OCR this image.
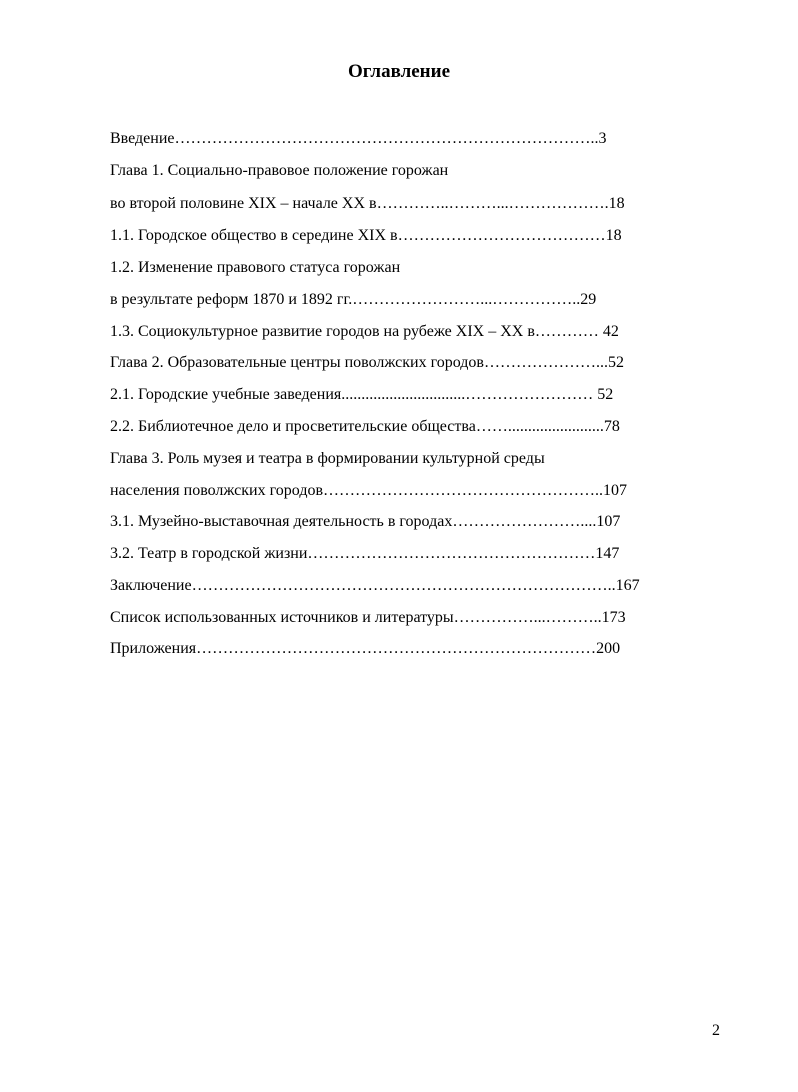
Оглавление
Введение……………………………………………………………………..3
Глава 1. Социально-правовое положение горожан
во второй половине XIX – начале XX в…………..………...……………….18
1.1. Городское общество в середине XIX в…………………………………18
1.2. Изменение правового статуса горожан
в результате реформ 1870 и 1892 гг.……………………...……………..29
1.3. Социокультурное развитие городов на рубеже XIX – XX в………… 42
Глава 2. Образовательные центры поволжских городов…………………...52
2.1. Городские учебные заведения...............................…………………… 52
2.2. Библиотечное дело и просветительские общества……........................78
Глава 3. Роль музея и театра в формировании культурной среды
населения поволжских городов……………………………………………..107
3.1. Музейно-выставочная деятельность в городах……………………....107
3.2. Театр в городской жизни………………………………………………147
Заключение……………………………………………………………………..167
Список использованных источников и литературы……………...………..173
Приложения…………………………………………………………………200
2
